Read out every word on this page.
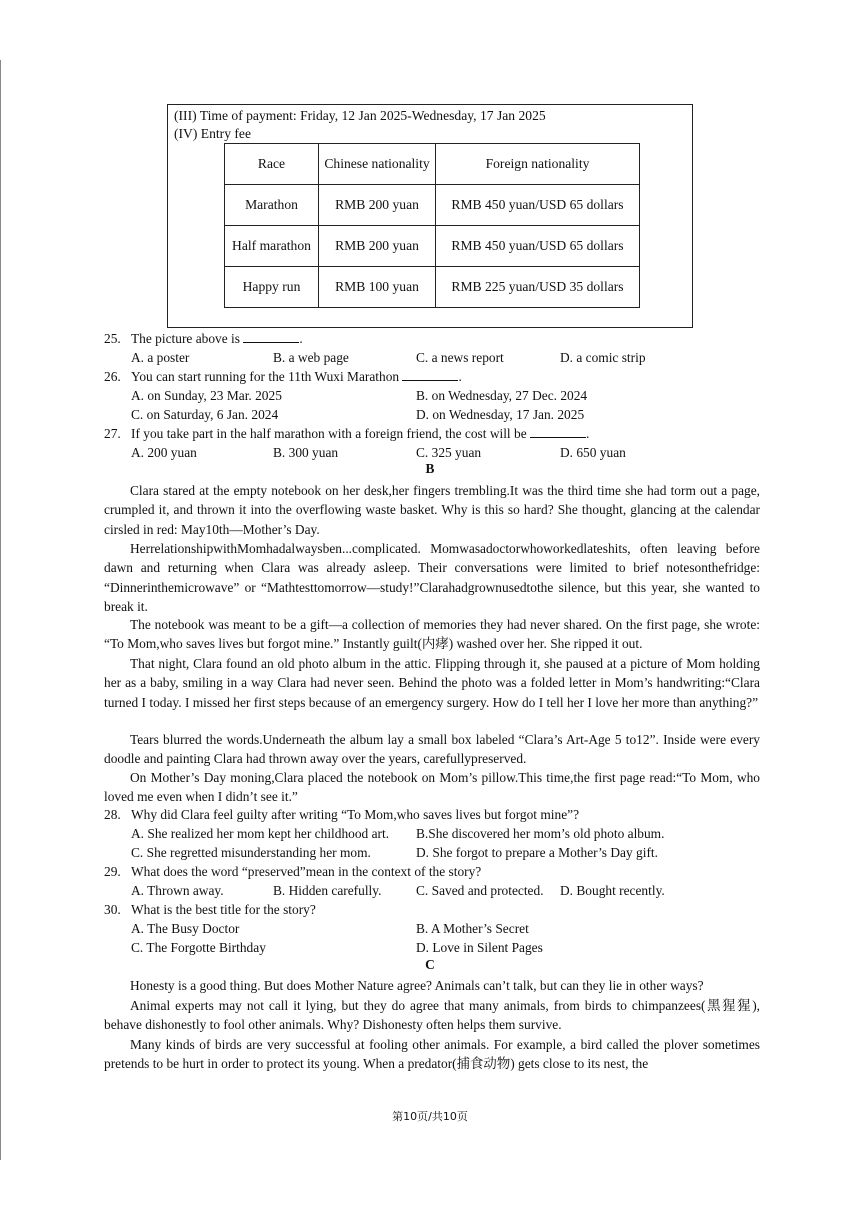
(III) Time of payment: Friday, 12 Jan 2025-Wednesday, 17 Jan 2025
(IV) Entry fee
Race	Chinese nationality	Foreign nationality
Marathon	RMB 200 yuan	RMB 450 yuan/USD 65 dollars
Half marathon	RMB 200 yuan	RMB 450 yuan/USD 65 dollars
Happy run	RMB 100 yuan	RMB 225 yuan/USD 35 dollars
25. The picture above is	.
A. a poster	B. a web page	C. a news report	D. a comic strip
26. You can start running for the 11th Wuxi Marathon	.
A. on Sunday, 23 Mar. 2025	B. on Wednesday, 27 Dec. 2024
C. on Saturday, 6 Jan. 2024	D. on Wednesday, 17 Jan. 2025
27. If you take part in the half marathon with a foreign friend, the cost will be	.
A. 200 yuan	B. 300 yuan	C. 325 yuan	D. 650 yuan
B
Clara stared at the empty notebook on her desk,her fingers trembling.It was the third time she had torm out a page, crumpled it, and thrown it into the overflowing waste basket. Why is this so hard? She thought, glancing at the calendar cirsled in red: May10th—Mother’s Day.
HerrelationshipwithMomhadalwaysben...complicated. Momwasadoctorwhoworkedlateshits, often leaving before dawn and returning when Clara was already asleep. Their conversations were limited to brief notesonthefridge: “Dinnerinthemicrowave” or “Mathtesttomorrow—study!”Clarahadgrownusedtothe silence, but this year, she wanted to break it.
The notebook was meant to be a gift—a collection of memories they had never shared. On the first page, she wrote: “To Mom,who saves lives but forgot mine.” Instantly guilt(内痚) washed over her. She ripped it out.
That night, Clara found an old photo album in the attic. Flipping through it, she paused at a picture of Mom holding her as a baby, smiling in a way Clara had never seen. Behind the photo was a folded letter in Mom’s handwriting:“Clara turned I today. I missed her first steps because of an emergency surgery. How do I tell her I love her more than anything?”
Tears blurred the words.Underneath the album lay a small box labeled “Clara’s Art-Age 5 to12”. Inside were every doodle and painting Clara had thrown away over the years, carefullypreserved.
On Mother’s Day moning,Clara placed the notebook on Mom’s pillow.This time,the first page read:“To Mom, who loved me even when I didn’t see it.”
28. Why did Clara feel guilty after writing “To Mom,who saves lives but forgot mine”?
A. She realized her mom kept her childhood art. B.She discovered her mom’s old photo album.
C. She regretted misunderstanding her mom.	D. She forgot to prepare a Mother’s Day gift.
29. What does the word “preserved”mean in the context of the story?
A. Thrown away.	B. Hidden carefully.	C. Saved and protected. D. Bought recently.
30. What is the best title for the story?
A. The Busy Doctor	B. A Mother’s Secret
C. The Forgotte Birthday	D. Love in Silent Pages
C
Honesty is a good thing. But does Mother Nature agree? Animals can’t talk, but can they lie in other ways?
Animal experts may not call it lying, but they do agree that many animals, from birds to chimpanzees(黑猩猩), behave dishonestly to fool other animals. Why? Dishonesty often helps them survive.
Many kinds of birds are very successful at fooling other animals. For example, a bird called the plover sometimes pretends to be hurt in order to protect its young. When a predator(捕食动物) gets close to its nest, the
第10页/共10页
